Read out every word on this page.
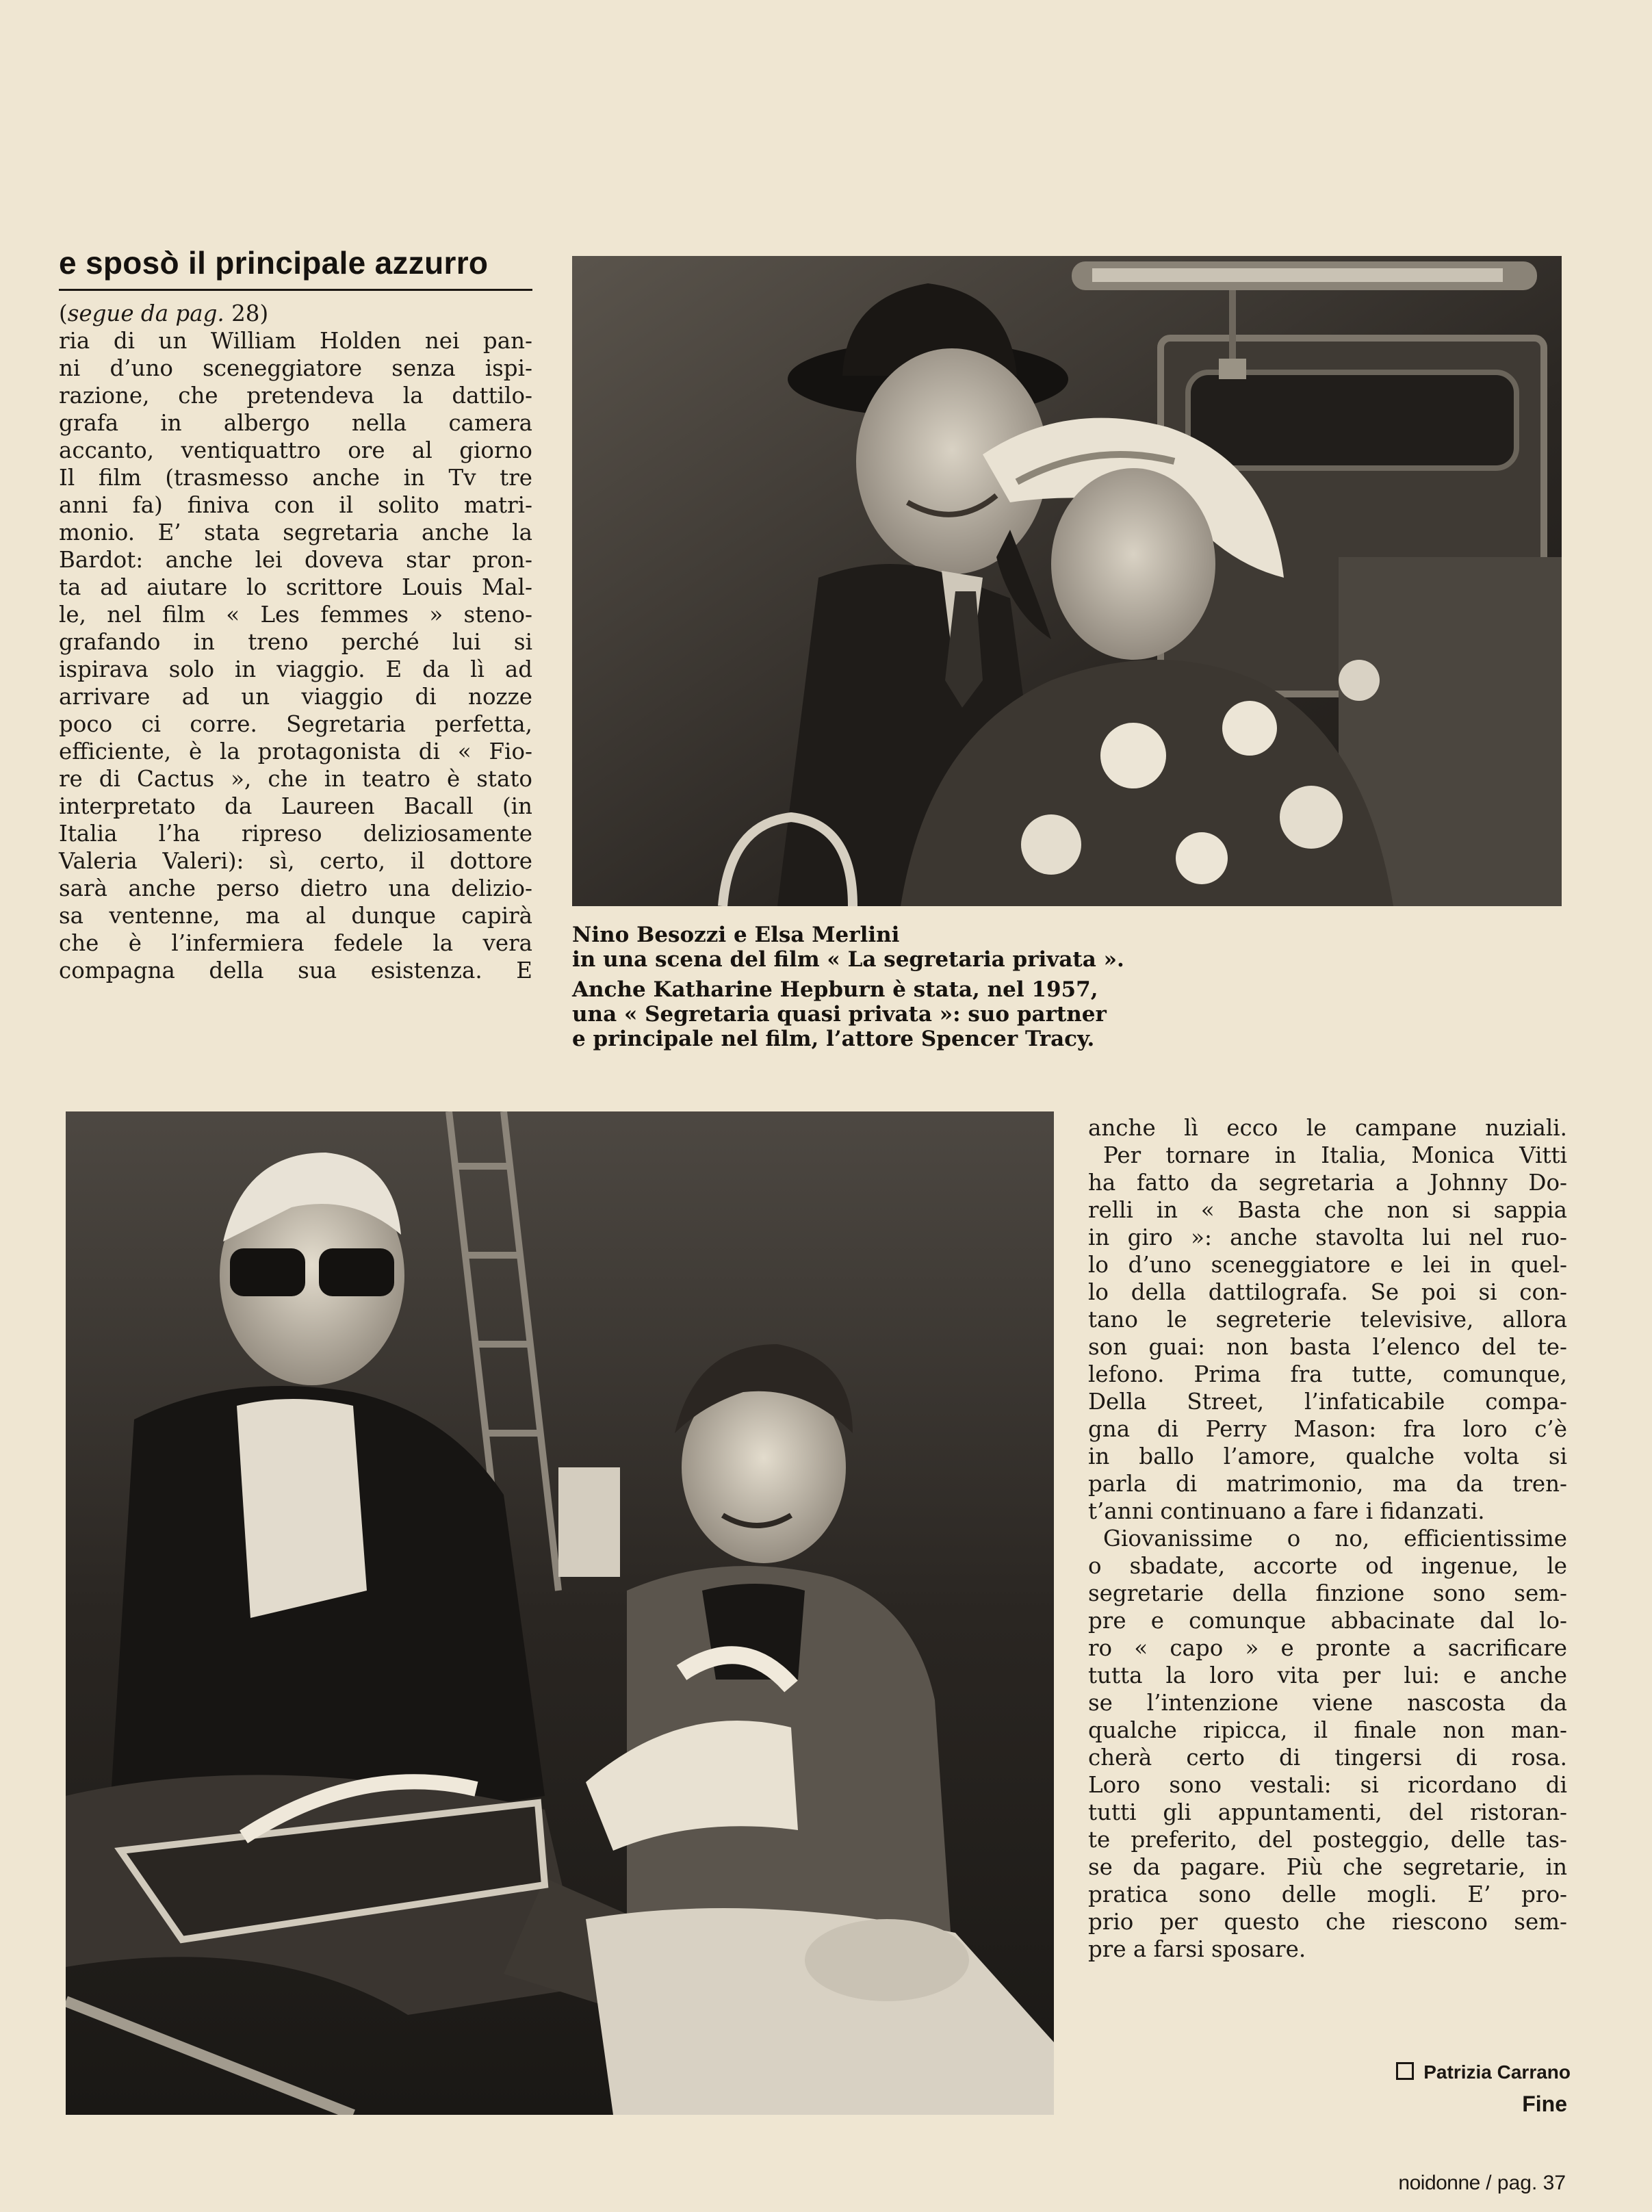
e sposò il principale azzurro
(segue da pag. 28)
ria di un William Holden nei pan-
ni d’uno sceneggiatore senza ispi-
razione, che pretendeva la dattilo-
grafa in albergo nella camera
accanto, ventiquattro ore al giorno
Il film (trasmesso anche in Tv tre
anni fa) finiva con il solito matri-
monio. E’ stata segretaria anche la
Bardot: anche lei doveva star pron-
ta ad aiutare lo scrittore Louis Mal-
le, nel film « Les femmes » steno-
grafando in treno perché lui si
ispirava solo in viaggio. E da lì ad
arrivare ad un viaggio di nozze
poco ci corre. Segretaria perfetta,
efficiente, è la protagonista di « Fio-
re di Cactus », che in teatro è stato
interpretato da Laureen Bacall (in
Italia l’ha ripreso deliziosamente
Valeria Valeri): sì, certo, il dottore
sarà anche perso dietro una delizio-
sa ventenne, ma al dunque capirà
che è l’infermiera fedele la vera
compagna della sua esistenza. E

Nino Besozzi e Elsa Merlini
in una scena del film « La segretaria privata ».

Anche Katharine Hepburn è stata, nel 1957,
una « Segretaria quasi privata »: suo partner
e principale nel film, l’attore Spencer Tracy.

anche lì ecco le campane nuziali.
Per tornare in Italia, Monica Vitti
ha fatto da segretaria a Johnny Do-
relli in « Basta che non si sappia
in giro »: anche stavolta lui nel ruo-
lo d’uno sceneggiatore e lei in quel-
lo della dattilografa. Se poi si con-
tano le segreterie televisive, allora
son guai: non basta l’elenco del te-
lefono. Prima fra tutte, comunque,
Della Street, l’infaticabile compa-
gna di Perry Mason: fra loro c’è
in ballo l’amore, qualche volta si
parla di matrimonio, ma da tren-
t’anni continuano a fare i fidanzati.
Giovanissime o no, efficientissime
o sbadate, accorte od ingenue, le
segretarie della finzione sono sem-
pre e comunque abbacinate dal lo-
ro « capo » e pronte a sacrificare
tutta la loro vita per lui: e anche
se l’intenzione viene nascosta da
qualche ripicca, il finale non man-
cherà certo di tingersi di rosa.
Loro sono vestali: si ricordano di
tutti gli appuntamenti, del ristoran-
te preferito, del posteggio, delle tas-
se da pagare. Più che segretarie, in
pratica sono delle mogli. E’ pro-
prio per questo che riescono sem-
pre a farsi sposare.
Patrizia Carrano
Fine
noidonne / pag. 37
